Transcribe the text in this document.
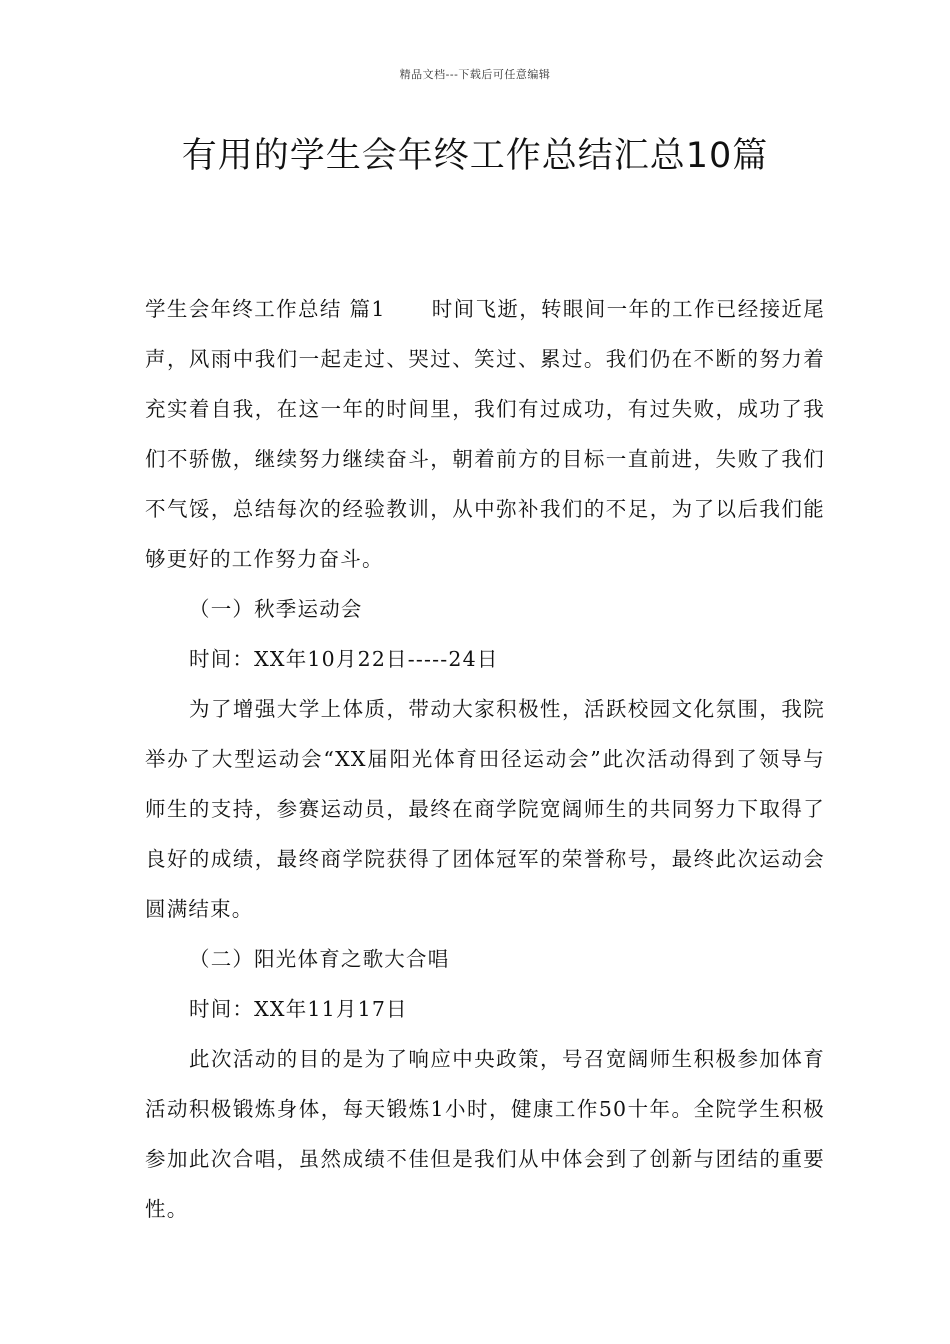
精品文档---下载后可任意编辑
有用的学生会年终工作总结汇总10篇

学生会年终工作总结 篇1 时间飞逝，转眼间一年的工作已经接近尾声，风雨中我们一起走过、哭过、笑过、累过。我们仍在不断的努力着充实着自我，在这一年的时间里，我们有过成功，有过失败，成功了我们不骄傲，继续努力继续奋斗，朝着前方的目标一直前进，失败了我们不气馁，总结每次的经验教训，从中弥补我们的不足，为了以后我们能够更好的工作努力奋斗。

（一）秋季运动会

时间：XX年10月22日-----24日

为了增强大学上体质，带动大家积极性，活跃校园文化氛围，我院举办了大型运动会“XX届阳光体育田径运动会”此次活动得到了领导与师生的支持，参赛运动员，最终在商学院宽阔师生的共同努力下取得了良好的成绩，最终商学院获得了团体冠军的荣誉称号，最终此次运动会圆满结束。

（二）阳光体育之歌大合唱

时间：XX年11月17日

此次活动的目的是为了响应中央政策，号召宽阔师生积极参加体育活动积极锻炼身体，每天锻炼1小时，健康工作50十年。全院学生积极参加此次合唱，虽然成绩不佳但是我们从中体会到了创新与团结的重要性。
